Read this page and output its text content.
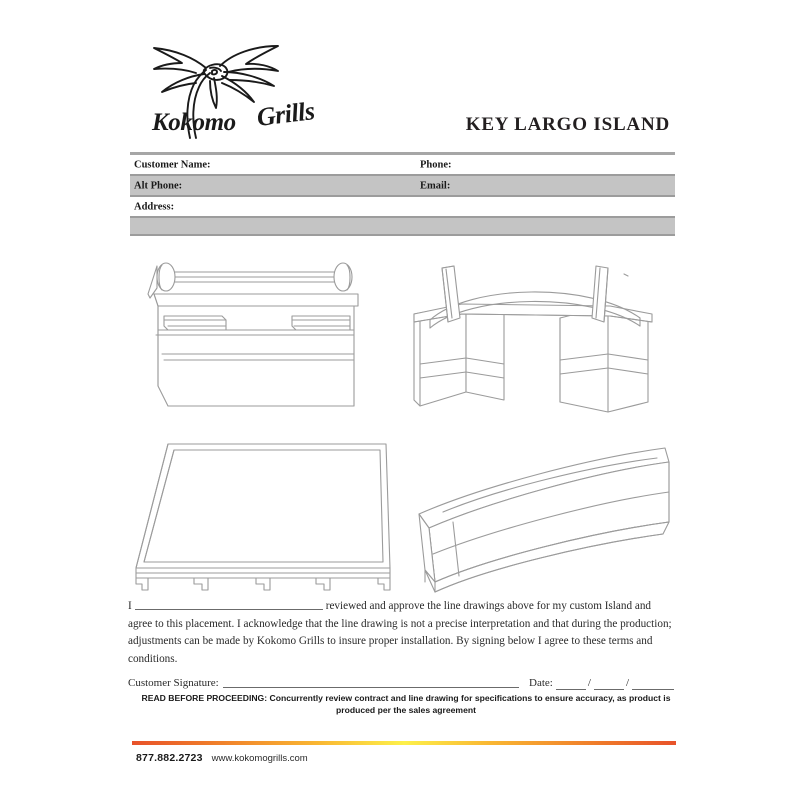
Kokomo Grills	KEY LARGO ISLAND
Customer Name:	Phone:
Alt Phone:	Email:
Address:
I	reviewed and approve the line drawings above for my custom Island and agree to this placement. I acknowledge that the line drawing is not a precise interpretation and that during the production; adjustments can be made by Kokomo Grills to insure proper installation. By signing below I agree to these terms and conditions.
Customer Signature:	Date:	/	/
READ BEFORE PROCEEDING: Concurrently review contract and line drawing for specifications to ensure accuracy, as product is produced per the sales agreement
877.882.2723 www.kokomogrills.com
